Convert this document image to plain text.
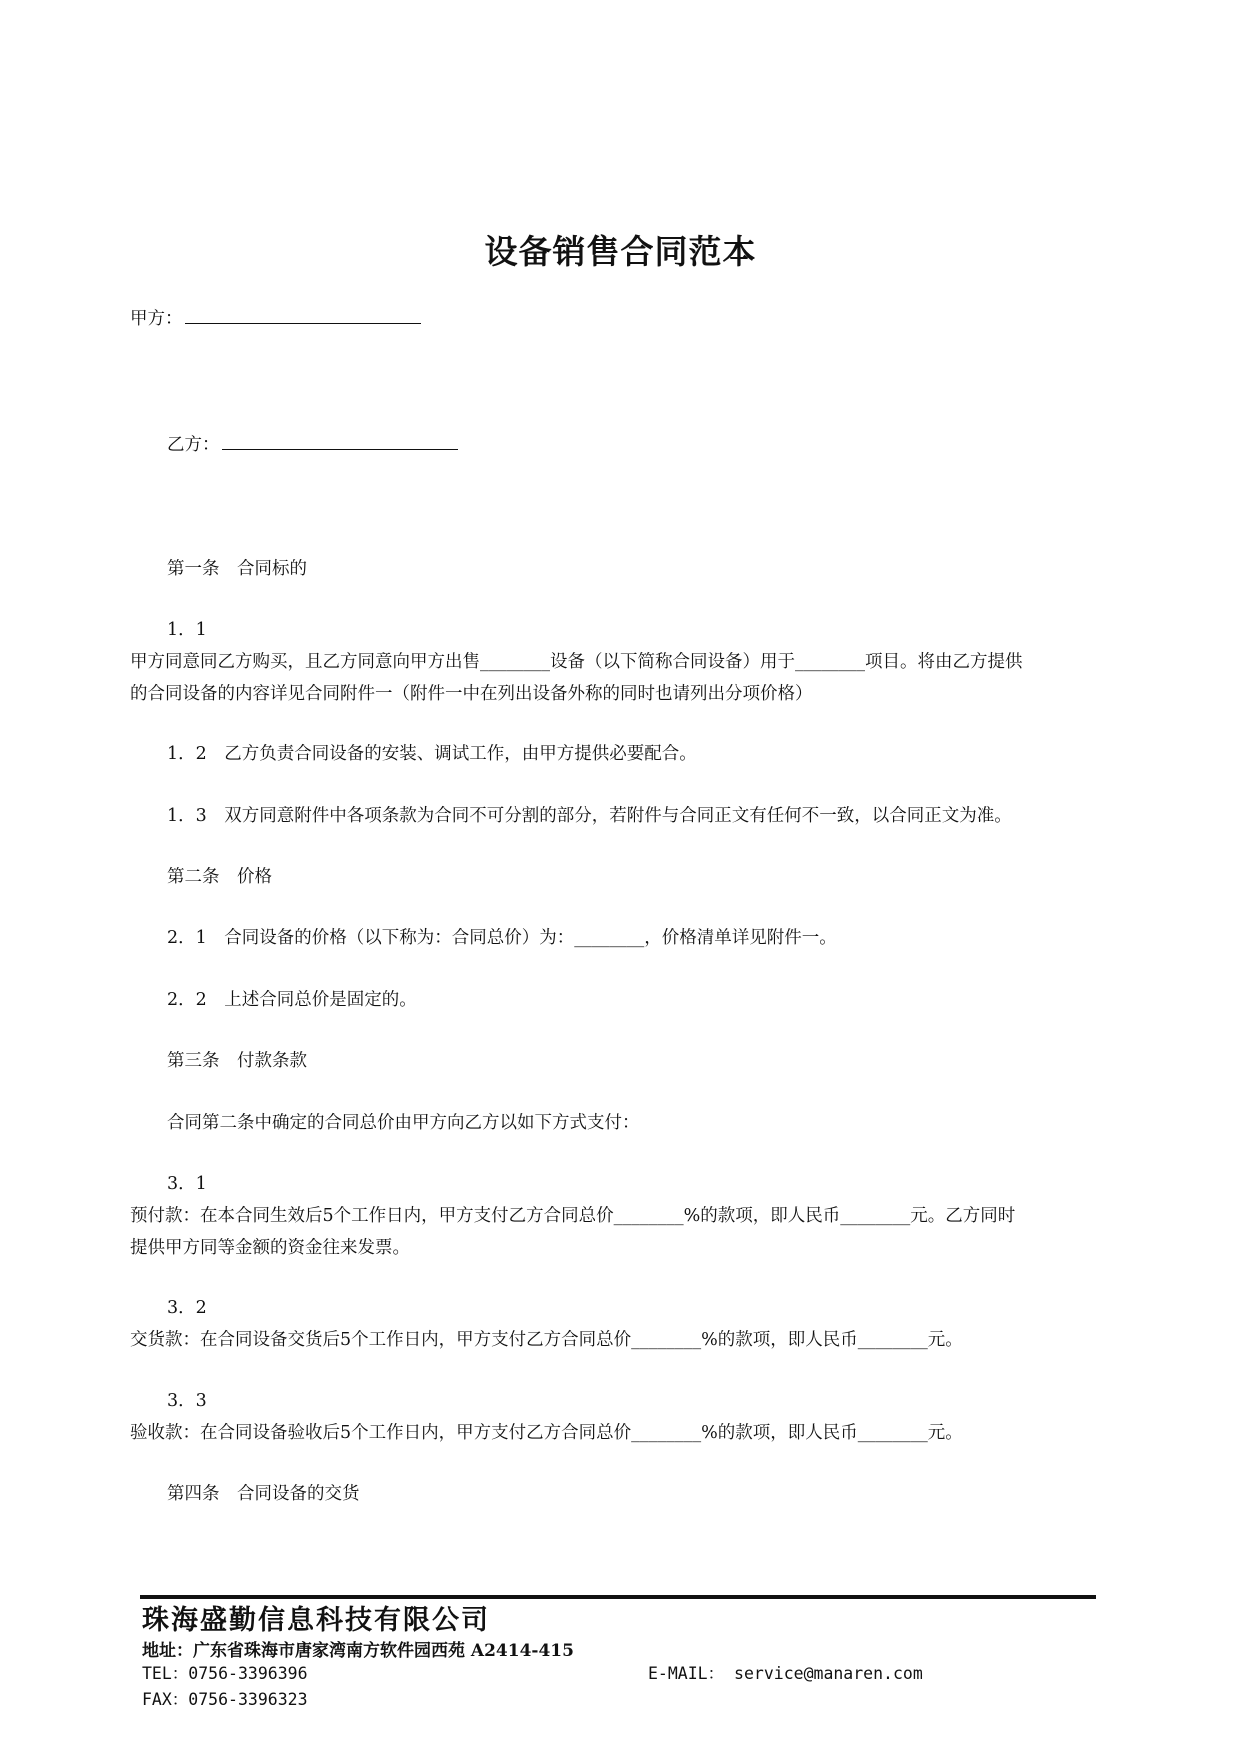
设备销售合同范本
甲方：
乙方：
第一条　合同标的
1．1
甲方同意同乙方购买，且乙方同意向甲方出售________设备（以下简称合同设备）用于________项目。将由乙方提供
的合同设备的内容详见合同附件一（附件一中在列出设备外称的同时也请列出分项价格）
1．2　乙方负责合同设备的安装、调试工作，由甲方提供必要配合。
1．3　双方同意附件中各项条款为合同不可分割的部分，若附件与合同正文有任何不一致，以合同正文为准。
第二条　价格
2．1　合同设备的价格（以下称为：合同总价）为：________，价格清单详见附件一。
2．2　上述合同总价是固定的。
第三条　付款条款
合同第二条中确定的合同总价由甲方向乙方以如下方式支付：
3．1
预付款：在本合同生效后5个工作日内，甲方支付乙方合同总价________%的款项，即人民币________元。乙方同时
提供甲方同等金额的资金往来发票。
3．2
交货款：在合同设备交货后5个工作日内，甲方支付乙方合同总价________%的款项，即人民币________元。
3．3
验收款：在合同设备验收后5个工作日内，甲方支付乙方合同总价________%的款项，即人民币________元。
第四条　合同设备的交货
珠海盛勤信息科技有限公司
地址：广东省珠海市唐家湾南方软件园西苑 A2414-415
TEL：0756-3396396
FAX：0756-3396323
E-MAIL： service@manaren.com
